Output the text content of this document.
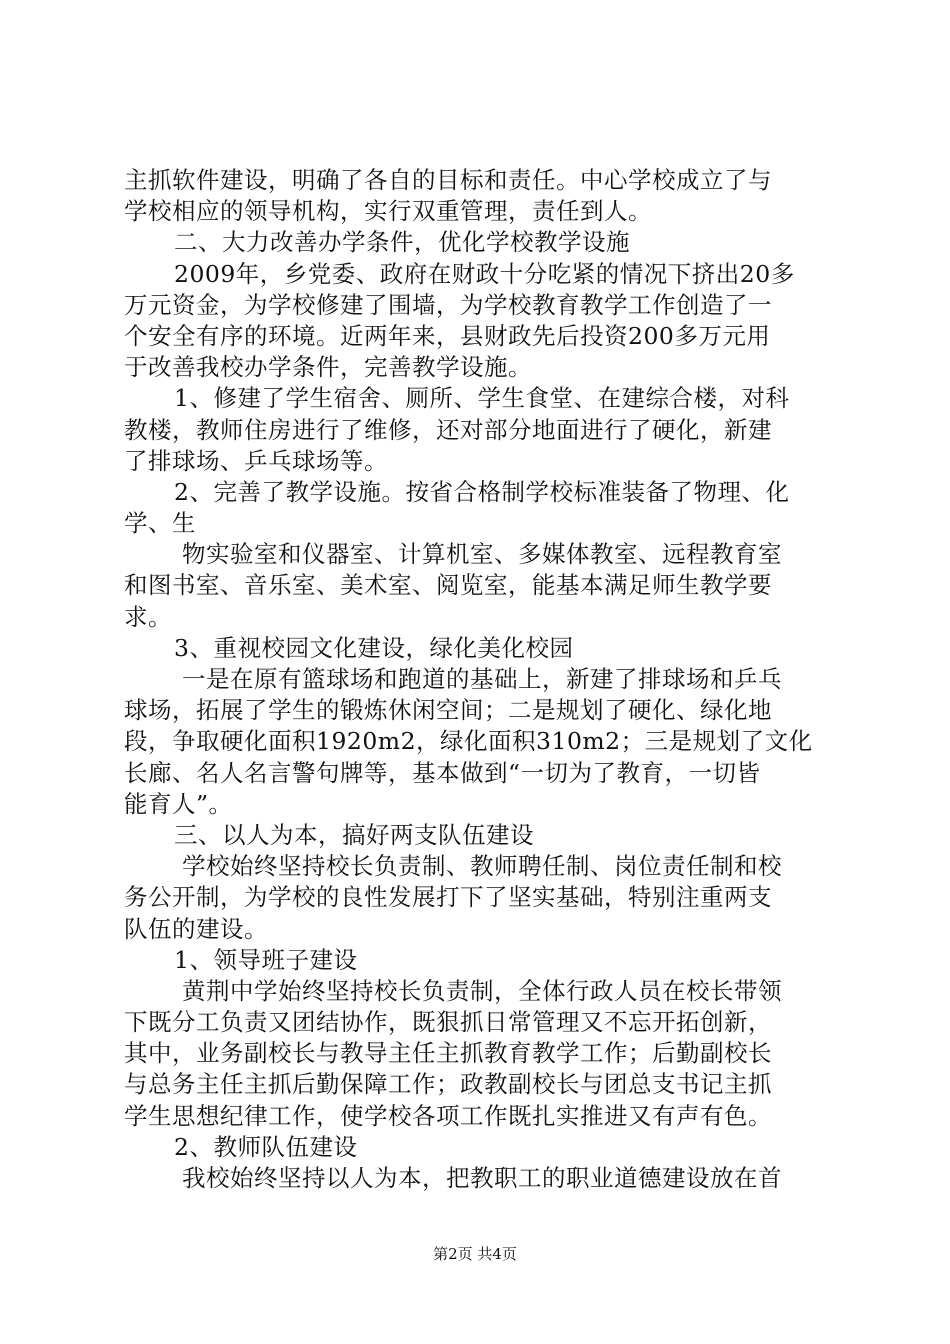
主抓软件建设，明确了各自的目标和责任。中心学校成立了与
学校相应的领导机构，实行双重管理，责任到人。
二、大力改善办学条件，优化学校教学设施
2009年，乡党委、政府在财政十分吃紧的情况下挤出20多
万元资金，为学校修建了围墙，为学校教育教学工作创造了一
个安全有序的环境。近两年来，县财政先后投资200多万元用
于改善我校办学条件，完善教学设施。
1、修建了学生宿舍、厕所、学生食堂、在建综合楼，对科
教楼，教师住房进行了维修，还对部分地面进行了硬化，新建
了排球场、乒乓球场等。
2、完善了教学设施。按省合格制学校标准装备了物理、化
学、生
物实验室和仪器室、计算机室、多媒体教室、远程教育室
和图书室、音乐室、美术室、阅览室，能基本满足师生教学要
求。
3、重视校园文化建设，绿化美化校园
一是在原有篮球场和跑道的基础上，新建了排球场和乒乓
球场，拓展了学生的锻炼休闲空间；二是规划了硬化、绿化地
段，争取硬化面积1920m2，绿化面积310m2；三是规划了文化
长廊、名人名言警句牌等，基本做到“一切为了教育，一切皆
能育人”。
三、以人为本，搞好两支队伍建设
学校始终坚持校长负责制、教师聘任制、岗位责任制和校
务公开制，为学校的良性发展打下了坚实基础，特别注重两支
队伍的建设。
1、领导班子建设
黄荆中学始终坚持校长负责制，全体行政人员在校长带领
下既分工负责又团结协作，既狠抓日常管理又不忘开拓创新，
其中，业务副校长与教导主任主抓教育教学工作；后勤副校长
与总务主任主抓后勤保障工作；政教副校长与团总支书记主抓
学生思想纪律工作，使学校各项工作既扎实推进又有声有色。
2、教师队伍建设
我校始终坚持以人为本，把教职工的职业道德建设放在首
第2页 共4页
